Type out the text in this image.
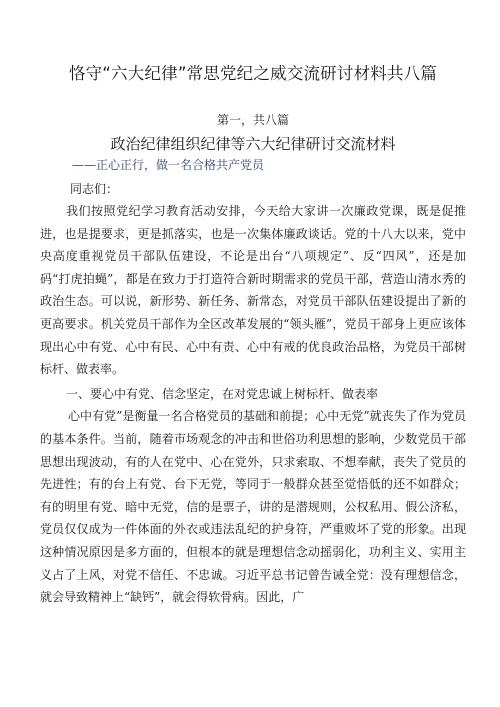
恪守“六大纪律”常思党纪之威交流研讨材料共八篇
第一，共八篇
政治纪律组织纪律等六大纪律研讨交流材料
——正心正行，做一名合格共产党员
同志们：

我们按照党纪学习教育活动安排，今天给大家讲一次廉政党课，既是促推进，也是提要求，更是抓落实，也是一次集体廉政谈话。党的十八大以来，党中央高度重视党员干部队伍建设，不论是出台“八项规定”、反“四风”，还是加码“打虎拍蝇”，都是在致力于打造符合新时期需求的党员干部，营造山清水秀的政治生态。可以说，新形势、新任务、新常态，对党员干部队伍建设提出了新的更高要求。机关党员干部作为全区改革发展的“领头雁”，党员干部身上更应该体现出心中有党、心中有民、心中有责、心中有戒的优良政治品格，为党员干部树标杆、做表率。

一、要心中有党、信念坚定，在对党忠诚上树标杆、做表率

心中有党”是衡量一名合格党员的基础和前提；心中无党”就丧失了作为党员的基本条件。当前，随着市场观念的冲击和世俗功利思想的影响，少数党员干部思想出现波动，有的人在党中、心在党外，只求索取、不想奉献，丧失了党员的先进性；有的台上有党、台下无党，等同于一般群众甚至觉悟低的还不如群众；有的明里有党、暗中无党，信的是票子，讲的是潜规则，公权私用、假公济私，党员仅仅成为一件体面的外衣或违法乱纪的护身符，严重败坏了党的形象。出现这种情况原因是多方面的，但根本的就是理想信念动摇弱化，功利主义、实用主义占了上风，对党不信任、不忠诚。习近平总书记曾告诫全党：没有理想信念，就会导致精神上“缺钙”，就会得软骨病。因此，广
